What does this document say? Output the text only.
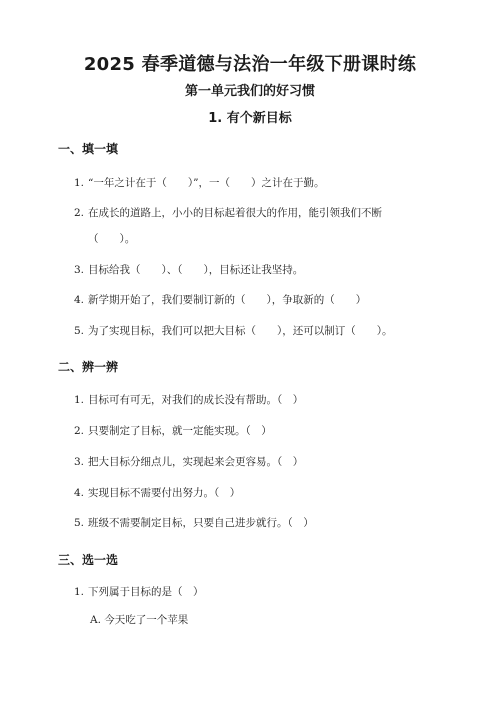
2025 春季道德与法治一年级下册课时练
第一单元我们的好习惯
1. 有个新目标
一、填一填
1. “一年之计在于（　　）”，一（　　）之计在于勤。
2. 在成长的道路上，小小的目标起着很大的作用，能引领我们不断
（　　）。
3. 目标给我（　　）、（　　），目标还让我坚持。
4. 新学期开始了，我们要制订新的（　　），争取新的（　　）
5. 为了实现目标，我们可以把大目标（　　），还可以制订（　　）。
二、辨一辨
1. 目标可有可无，对我们的成长没有帮助。（　）
2. 只要制定了目标，就一定能实现。（　）
3. 把大目标分细点儿，实现起来会更容易。（　）
4. 实现目标不需要付出努力。（　）
5. 班级不需要制定目标，只要自己进步就行。（　）
三、选一选
1. 下列属于目标的是（　）
A. 今天吃了一个苹果
